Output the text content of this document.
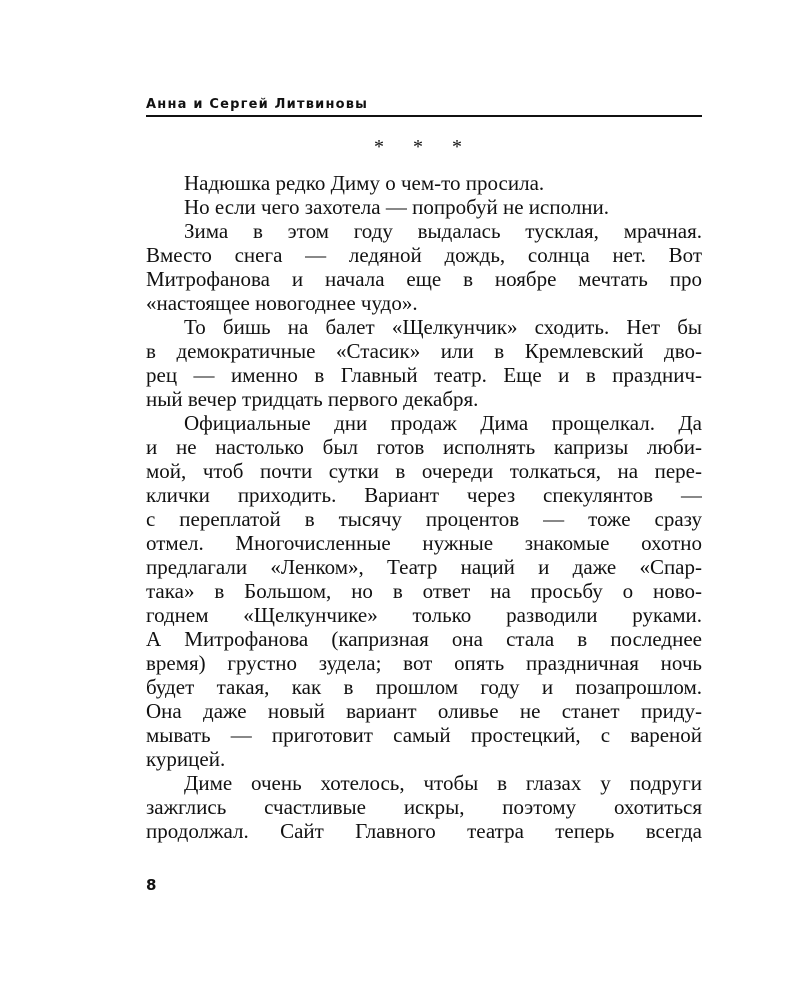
Анна и Сергей Литвиновы
* * *
Надюшка редко Диму о чем-то просила.
Но если чего захотела — попробуй не исполни.
Зима в этом году выдалась тусклая, мрачная.
Вместо снега — ледяной дождь, солнца нет. Вот
Митрофанова и начала еще в ноябре мечтать про
«настоящее новогоднее чудо».
То бишь на балет «Щелкунчик» сходить. Нет бы
в демократичные «Стасик» или в Кремлевский дво-
рец — именно в Главный театр. Еще и в празднич-
ный вечер тридцать первого декабря.
Официальные дни продаж Дима прощелкал. Да
и не настолько был готов исполнять капризы люби-
мой, чтоб почти сутки в очереди толкаться, на пере-
клички приходить. Вариант через спекулянтов —
с переплатой в тысячу процентов — тоже сразу
отмел. Многочисленные нужные знакомые охотно
предлагали «Ленком», Театр наций и даже «Спар-
така» в Большом, но в ответ на просьбу о ново-
годнем «Щелкунчике» только разводили руками.
А Митрофанова (капризная она стала в последнее
время) грустно зудела; вот опять праздничная ночь
будет такая, как в прошлом году и позапрошлом.
Она даже новый вариант оливье не станет приду-
мывать — приготовит самый простецкий, с вареной
курицей.
Диме очень хотелось, чтобы в глазах у подруги
зажглись счастливые искры, поэтому охотиться
продолжал. Сайт Главного театра теперь всегда
8
